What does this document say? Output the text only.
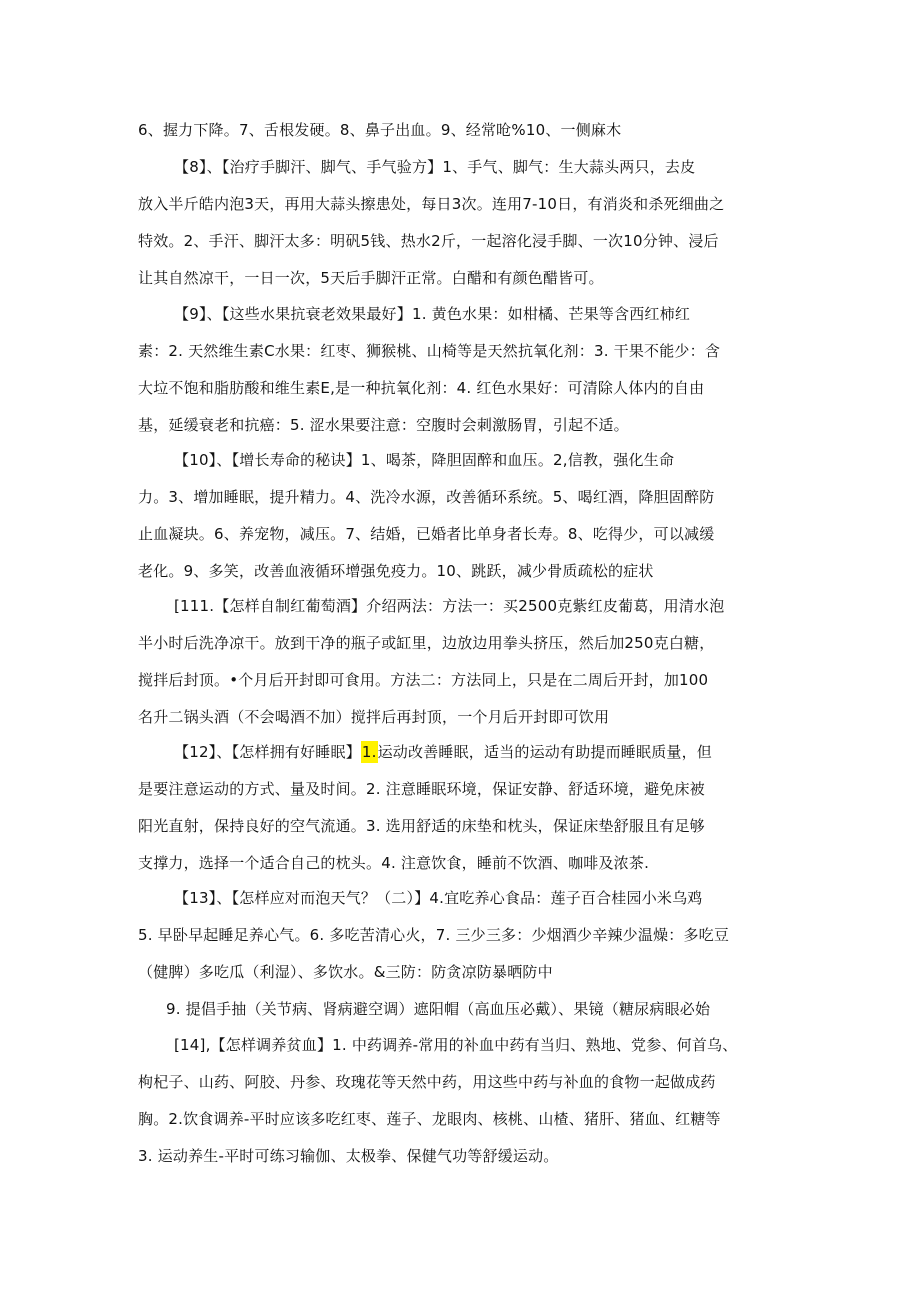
6、握力下降。7、舌根发硬。8、鼻子出血。9、经常呛%10、一侧麻木
【8】、【治疗手脚汗、脚气、手气验方】1、手气、脚气：生大蒜头两只，去皮
放入半斤皓内泡3天，再用大蒜头擦患处，每日3次。连用7-10日，有消炎和杀死细曲之
特效。2、手汗、脚汗太多：明矾5钱、热水2斤，一起溶化浸手脚、一次10分钟、浸后
让其自然凉干，一日一次，5天后手脚汗正常。白醋和有颜色醋皆可。
【9】、【这些水果抗衰老效果最好】1. 黄色水果：如柑橘、芒果等含西红柿红
素：2. 天然维生素C水果：红枣、狮猴桃、山椅等是天然抗氧化剂：3. 干果不能少：含
大垃不饱和脂肪酸和维生素E,是一种抗氧化剂：4. 红色水果好：可清除人体内的自由
基，延缓衰老和抗癌：5. 涩水果要注意：空腹时会刺激肠胃，引起不适。
【10】、【增长寿命的秘诀】1、喝茶，降胆固醉和血压。2,信教，强化生命
力。3、增加睡眠，提升精力。4、洗冷水源，改善循环系统。5、喝红酒，降胆固醉防
止血凝块。6、养宠物，减压。7、结婚，已婚者比单身者长寿。8、吃得少，可以减缓
老化。9、多笑，改善血液循环增强免疫力。10、跳跃，减少骨质疏松的症状
[111.【怎样自制红葡萄酒】介绍两法：方法一：买2500克紫红皮葡葛，用清水泡
半小时后洗净凉干。放到干净的瓶子或缸里，边放边用拳头挤压，然后加250克白糖，
搅拌后封顶。•个月后开封即可食用。方法二：方法同上，只是在二周后开封，加100
名升二锅头酒（不会喝酒不加）搅拌后再封顶，一个月后开封即可饮用
【12】、【怎样拥有好睡眠】1.运动改善睡眠，适当的运动有助提而睡眠质量，但
是要注意运动的方式、量及时间。2. 注意睡眠环境，保证安静、舒适环境，避免床被
阳光直射，保持良好的空气流通。3. 选用舒适的床垫和枕头，保证床垫舒服且有足够
支撑力，选择一个适合自己的枕头。4. 注意饮食，睡前不饮酒、咖啡及浓茶.
【13】、【怎样应对而泡天气？（二）】4.宜吃养心食品：莲子百合桂园小米乌鸡
5. 早卧早起睡足养心气。6. 多吃苦清心火，7. 三少三多：少烟酒少辛辣少温燥：多吃豆
（健脾）多吃瓜（利湿）、多饮水。&三防：防贪凉防暴晒防中
9. 提倡手抽（关节病、肾病避空调）遮阳帽（高血压必戴）、果镜（糖尿病眼必始
[14],【怎样调养贫血】1. 中药调养-常用的补血中药有当归、熟地、党参、何首乌、
枸杞子、山药、阿胶、丹参、玫瑰花等天然中药，用这些中药与补血的食物一起做成药
胸。2.饮食调养-平时应该多吃红枣、莲子、龙眼肉、核桃、山楂、猪肝、猪血、红糖等
3. 运动养生-平时可练习输伽、太极拳、保健气功等舒缓运动。
